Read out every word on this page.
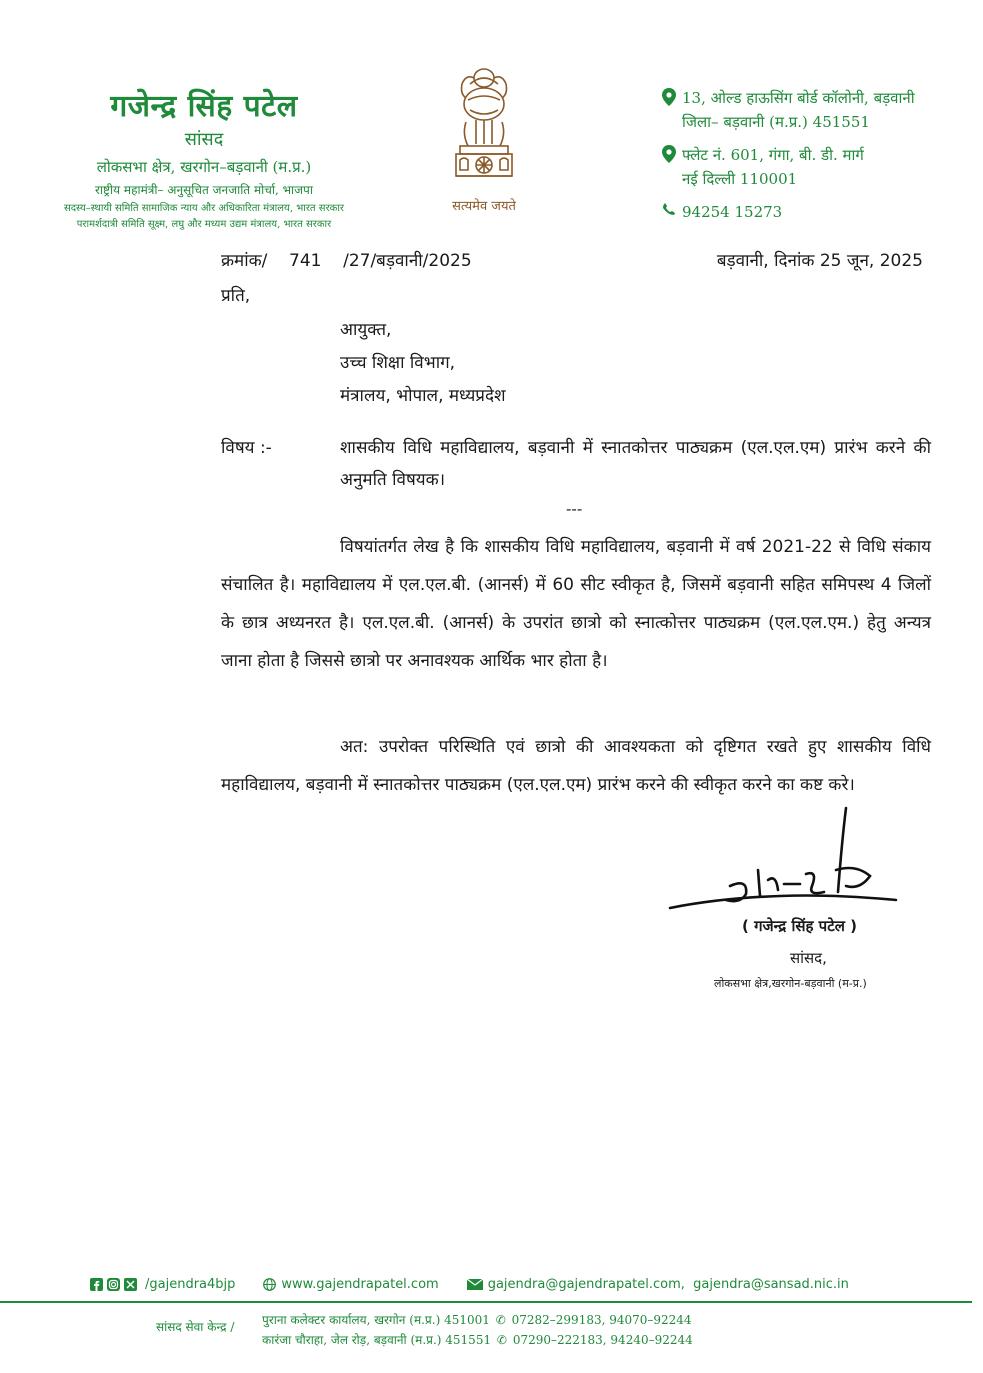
गजेन्द्र सिंह पटेल
सांसद
लोकसभा क्षेत्र, खरगोन–बड़वानी (म.प्र.)
राष्ट्रीय महामंत्री– अनुसूचित जनजाति मोर्चा, भाजपा
सदस्य–स्थायी समिति सामाजिक न्याय और अधिकारिता मंत्रालय, भारत सरकार
परामर्शदात्री समिति सूक्ष्म, लघु और मध्यम उद्यम मंत्रालय, भारत सरकार
सत्यमेव जयते
13, ओल्ड हाऊसिंग बोर्ड कॉलोनी, बड़वानी
जिला– बड़वानी (म.प्र.) 451551
फ्लेट नं. 601, गंगा, बी. डी. मार्ग
नई दिल्ली 110001
94254 15273
क्रमांक/    741    /27/बड़वानी/2025	बड़वानी, दिनांक 25 जून, 2025
प्रति,
आयुक्त,
उच्च शिक्षा विभाग,
मंत्रालय, भोपाल, मध्यप्रदेश
विषय :-	शासकीय विधि महाविद्यालय, बड़वानी में स्नातकोत्तर पाठ्यक्रम (एल.एल.एम) प्रारंभ करने की अनुमति विषयक।
---
विषयांतर्गत लेख है कि शासकीय विधि महाविद्यालय, बड़वानी में वर्ष 2021-22 से विधि संकाय संचालित है। महाविद्यालय में एल.एल.बी. (आनर्स) में 60 सीट स्वीकृत है, जिसमें बड़वानी सहित समिपस्थ 4 जिलों के छात्र अध्यनरत है। एल.एल.बी. (आनर्स) के उपरांत छात्रो को स्नात्कोत्तर पाठ्यक्रम (एल.एल.एम.) हेतु अन्यत्र जाना होता है जिससे छात्रो पर अनावश्यक आर्थिक भार होता है।
अत: उपरोक्त परिस्थिति एवं छात्रो की आवश्यकता को दृष्टिगत रखते हुए शासकीय विधि महाविद्यालय, बड़वानी में स्नातकोत्तर पाठ्यक्रम (एल.एल.एम) प्रारंभ करने की स्वीकृत करने का कष्ट करे।
( गजेन्द्र सिंह पटेल )
सांसद,
लोकसभा क्षेत्र,खरगोन-बड़वानी (म-प्र.)
/gajendra4bjp	www.gajendrapatel.com	gajendra@gajendrapatel.com,  gajendra@sansad.nic.in
सांसद सेवा केन्द्र / पुराना कलेक्टर कार्यालय, खरगोन (म.प्र.) 451001 ✆ 07282–299183, 94070–92244
कारंजा चौराहा, जेल रोड़, बड़वानी (म.प्र.) 451551 ✆ 07290–222183, 94240–92244
